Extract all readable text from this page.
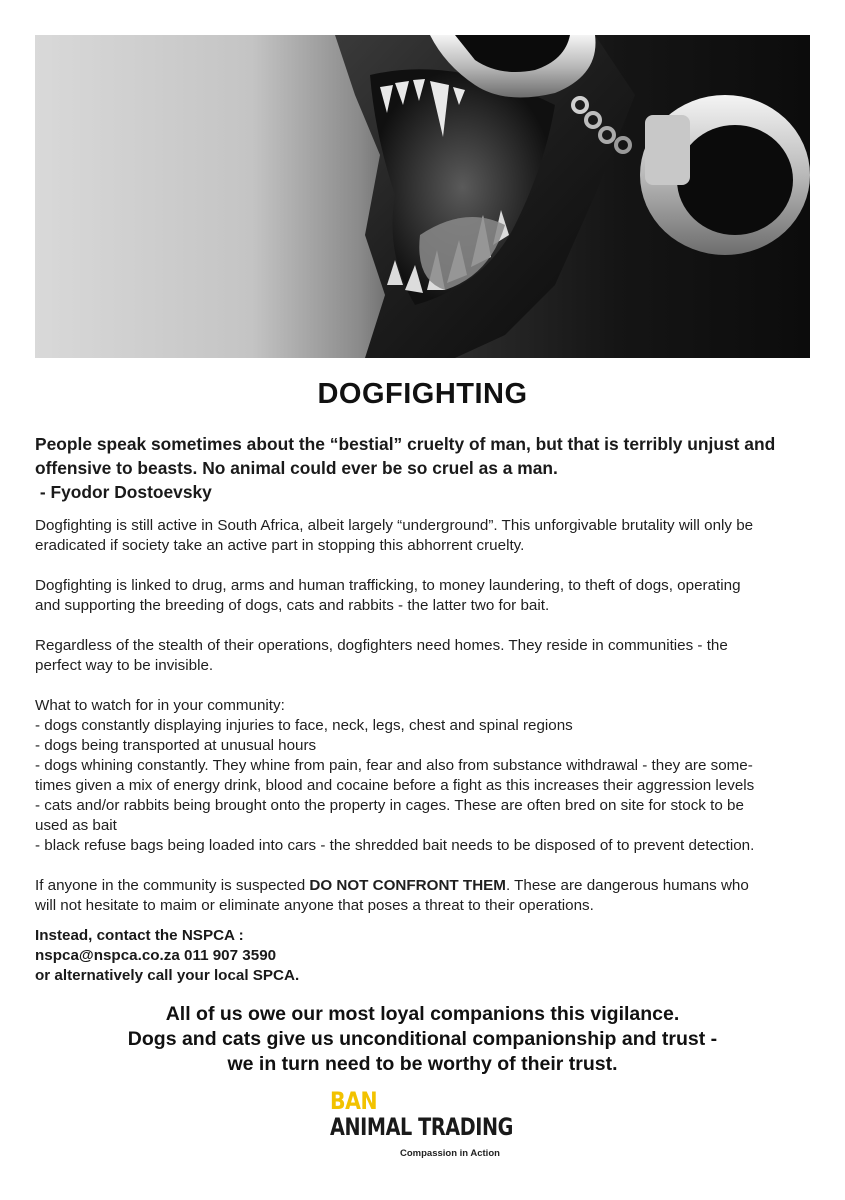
DOGFIGHTING
People speak sometimes about the “bestial” cruelty of man, but that is terribly unjust and
offensive to beasts. No animal could ever be so cruel as a man.
- Fyodor Dostoevsky

Dogfighting is still active in South Africa, albeit largely “underground”. This unforgivable brutality will only be
eradicated if society take an active part in stopping this abhorrent cruelty.

Dogfighting is linked to drug, arms and human trafficking, to money laundering, to theft of dogs, operating
and supporting the breeding of dogs, cats and rabbits - the latter two for bait.

Regardless of the stealth of their operations, dogfighters need homes. They reside in communities - the
perfect way to be invisible.

What to watch for in your community:
- dogs constantly displaying injuries to face, neck, legs, chest and spinal regions
- dogs being transported at unusual hours
- dogs whining constantly. They whine from pain, fear and also from substance withdrawal - they are some-
times given a mix of energy drink, blood and cocaine before a fight as this increases their aggression levels
- cats and/or rabbits being brought onto the property in cages. These are often bred on site for stock to be
used as bait
- black refuse bags being loaded into cars - the shredded bait needs to be disposed of to prevent detection.

If anyone in the community is suspected DO NOT CONFRONT THEM. These are dangerous humans who
will not hesitate to maim or eliminate anyone that poses a threat to their operations.

Instead, contact the NSPCA :
nspca@nspca.co.za 011 907 3590
or alternatively call your local SPCA.
All of us owe our most loyal companions this vigilance.
Dogs and cats give us unconditional companionship and trust -
we in turn need to be worthy of their trust.
BAN
ANIMAL TRADING
Compassion in Action
